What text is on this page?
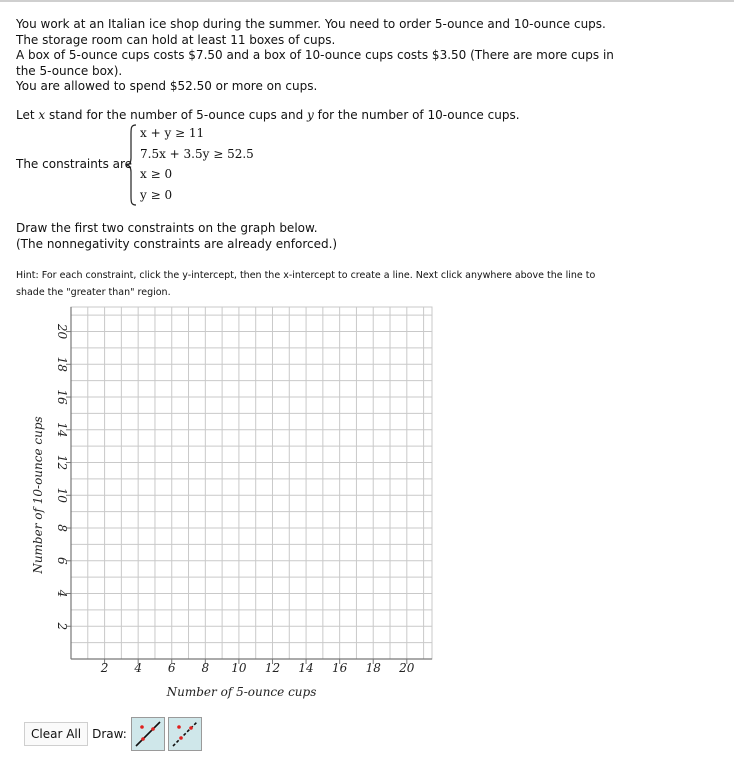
You work at an Italian ice shop during the summer. You need to order 5-ounce and 10-ounce cups.

The storage room can hold at least 11 boxes of cups.

A box of 5-ounce cups costs $7.50 and a box of 10-ounce cups costs $3.50 (There are more cups in the 5-ounce box).

You are allowed to spend $52.50 or more on cups.

Let x stand for the number of 5-ounce cups and y for the number of 10-ounce cups.
The constraints are
x + y ≥ 11
7.5x + 3.5y ≥ 52.5
x ≥ 0
y ≥ 0

Draw the first two constraints on the graph below.

(The nonnegativity constraints are already enforced.)

Hint: For each constraint, click the y-intercept, then the x-intercept to create a line. Next click anywhere above the line to shade the "greater than" region.
2 4 6 8 10 12 14 16 18 20
2
4
6
8
10
12
14
16
18
20
Number of 5-ounce cups
Number of 10-ounce cups
Clear All Draw:
